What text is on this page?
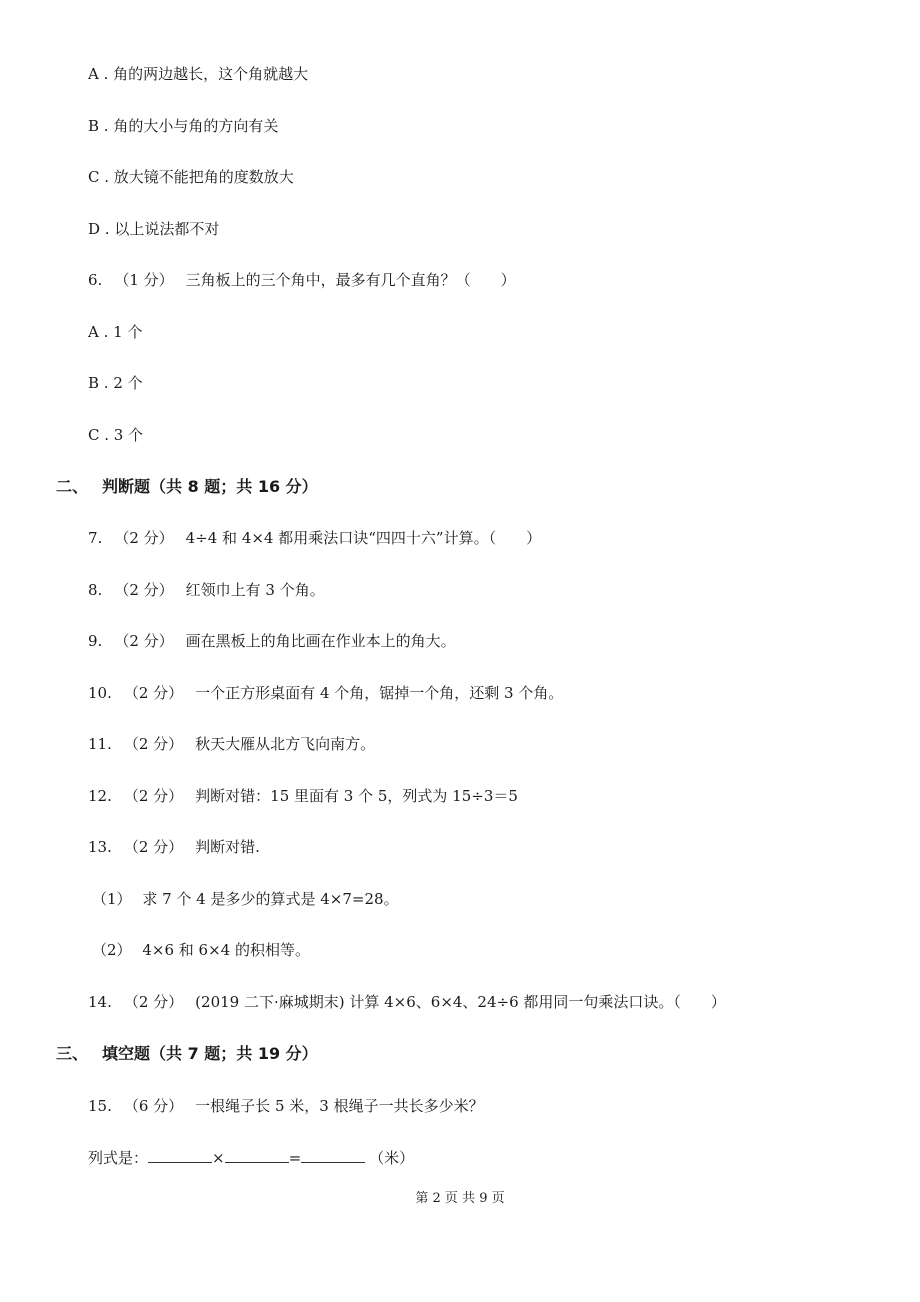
A . 角的两边越长，这个角就越大
B . 角的大小与角的方向有关
C . 放大镜不能把角的度数放大
D . 以上说法都不对
6. （1 分） 三角板上的三个角中，最多有几个直角？（　　）
A . 1 个
B . 2 个
C . 3 个
二、 判断题（共 8 题；共 16 分）
7. （2 分） 4÷4 和 4×4 都用乘法口诀“四四十六”计算。（　　）
8. （2 分） 红领巾上有 3 个角。
9. （2 分） 画在黑板上的角比画在作业本上的角大。
10. （2 分） 一个正方形桌面有 4 个角，锯掉一个角，还剩 3 个角。
11. （2 分） 秋天大雁从北方飞向南方。
12. （2 分） 判断对错：15 里面有 3 个 5，列式为 15÷3＝5
13. （2 分） 判断对错.
（1） 求 7 个 4 是多少的算式是 4×7=28。
（2） 4×6 和 6×4 的积相等。
14. （2 分） (2019 二下·麻城期末) 计算 4×6、6×4、24÷6 都用同一句乘法口诀。（　　）
三、 填空题（共 7 题；共 19 分）
15. （6 分） 一根绳子长 5 米，3 根绳子一共长多少米？
列式是：	×	=	（米）
第 2 页 共 9 页
